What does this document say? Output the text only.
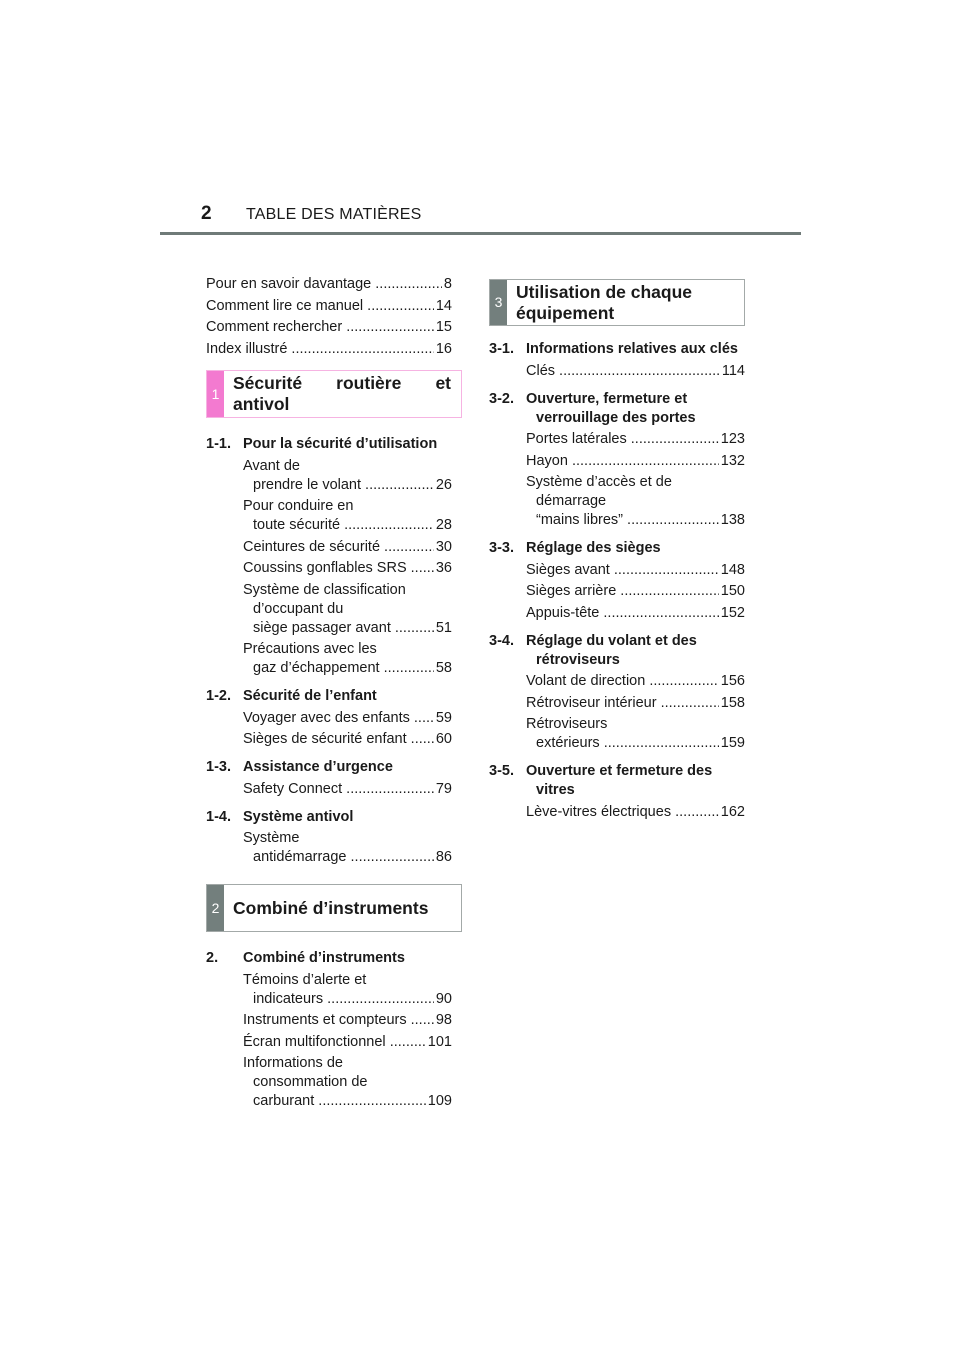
2 TABLE DES MATIÈRES
Pour en savoir davantage .....	8
Comment lire ce manuel .....	14
Comment rechercher .....	15
Index illustré .....	16
1
Sécurité routière et antivol
1-1. Pour la sécurité d’utilisation
Avant de
prendre le volant .....	26
Pour conduire en
toute sécurité .....	28
Ceintures de sécurité .....	30
Coussins gonflables SRS .....	36
Système de classification
d’occupant du
siège passager avant .....	51
Précautions avec les
gaz d’échappement .....	58
1-2. Sécurité de l’enfant
Voyager avec des enfants .....	59
Sièges de sécurité enfant .....	60
1-3. Assistance d’urgence
Safety Connect .....	79
1-4. Système antivol
Système
antidémarrage .....	86
2 Combiné d’instruments
2.	Combiné d’instruments
Témoins d’alerte et
indicateurs .....	90
Instruments et compteurs .....	98
Écran multifonctionnel .....	101
Informations de
consommation de
carburant .....	109
3
Utilisation de chaque équipement
3-1. Informations relatives aux clés
Clés .....	114
3-2. Ouverture, fermeture et verrouillage des portes
Portes latérales .....	123
Hayon .....	132
Système d’accès et de
démarrage
“mains libres” .....	138
3-3. Réglage des sièges
Sièges avant .....	148
Sièges arrière .....	150
Appuis-tête .....	152
3-4. Réglage du volant et des rétroviseurs
Volant de direction .....	156
Rétroviseur intérieur .....	158
Rétroviseurs
extérieurs .....	159
3-5. Ouverture et fermeture des vitres
Lève-vitres électriques .....	162
